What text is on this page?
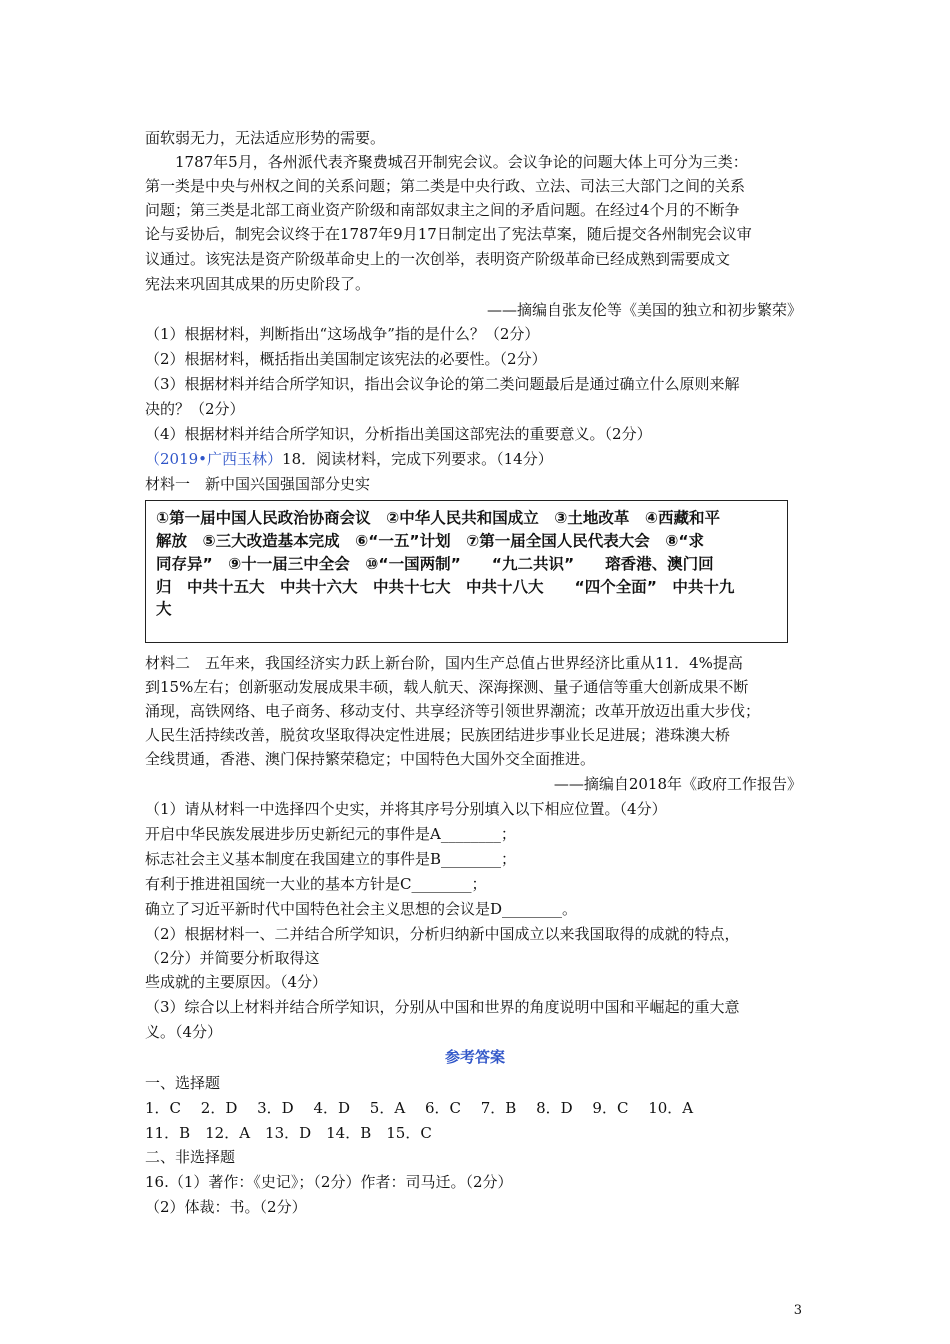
面软弱无力，无法适应形势的需要。
　　1787年5月，各州派代表齐聚费城召开制宪会议。会议争论的问题大体上可分为三类：
第一类是中央与州权之间的关系问题；第二类是中央行政、立法、司法三大部门之间的关系
问题；第三类是北部工商业资产阶级和南部奴隶主之间的矛盾问题。在经过4个月的不断争
论与妥协后，制宪会议终于在1787年9月17日制定出了宪法草案，随后提交各州制宪会议审
议通过。该宪法是资产阶级革命史上的一次创举，表明资产阶级革命已经成熟到需要成文
宪法来巩固其成果的历史阶段了。
——摘编自张友伦等《美国的独立和初步繁荣》
（1）根据材料，判断指出“这场战争”指的是什么？（2分）
（2）根据材料，概括指出美国制定该宪法的必要性。（2分）
（3）根据材料并结合所学知识，指出会议争论的第二类问题最后是通过确立什么原则来解
决的？（2分）
（4）根据材料并结合所学知识，分析指出美国这部宪法的重要意义。（2分）
（2019•广西玉林）18．阅读材料，完成下列要求。（14分）
材料一　新中国兴国强国部分史实
①第一届中国人民政治协商会议　②中华人民共和国成立　③土地改革　④西藏和平
解放　⑤三大改造基本完成　⑥“一五”计划　⑦第一届全国人民代表大会　⑧“求
同存异”　⑨十一届三中全会　⑩“一国两制”　　“九二共识”　　瑢香港、澳门回
归　中共十五大　中共十六大　中共十七大　中共十八大　　“四个全面”　中共十九
大
材料二　五年来，我国经济实力跃上新台阶，国内生产总值占世界经济比重从11．4%提高
到15%左右；创新驱动发展成果丰硕，载人航天、深海探测、量子通信等重大创新成果不断
涌现，高铁网络、电子商务、移动支付、共享经济等引领世界潮流；改革开放迈出重大步伐；
人民生活持续改善，脱贫攻坚取得决定性进展；民族团结进步事业长足进展；港珠澳大桥
全线贯通，香港、澳门保持繁荣稳定；中国特色大国外交全面推进。
——摘编自2018年《政府工作报告》
（1）请从材料一中选择四个史实，并将其序号分别填入以下相应位置。（4分）
开启中华民族发展进步历史新纪元的事件是A________；
标志社会主义基本制度在我国建立的事件是B________；
有利于推进祖国统一大业的基本方针是C________；
确立了习近平新时代中国特色社会主义思想的会议是D________。
（2）根据材料一、二并结合所学知识，分析归纳新中国成立以来我国取得的成就的特点，
（2分）并简要分析取得这
些成就的主要原因。（4分）
（3）综合以上材料并结合所学知识，分别从中国和世界的角度说明中国和平崛起的重大意
义。（4分）
参考答案
一、选择题
1．C　 2．D　 3．D　 4．D　 5．A　 6．C　 7．B　 8．D　 9．C　 10．A
11．B　12．A　13．D　14．B　15．C
二、非选择题
16.（1）著作：《史记》；（2分）作者：司马迁。（2分）
（2）体裁：书。（2分）
3
